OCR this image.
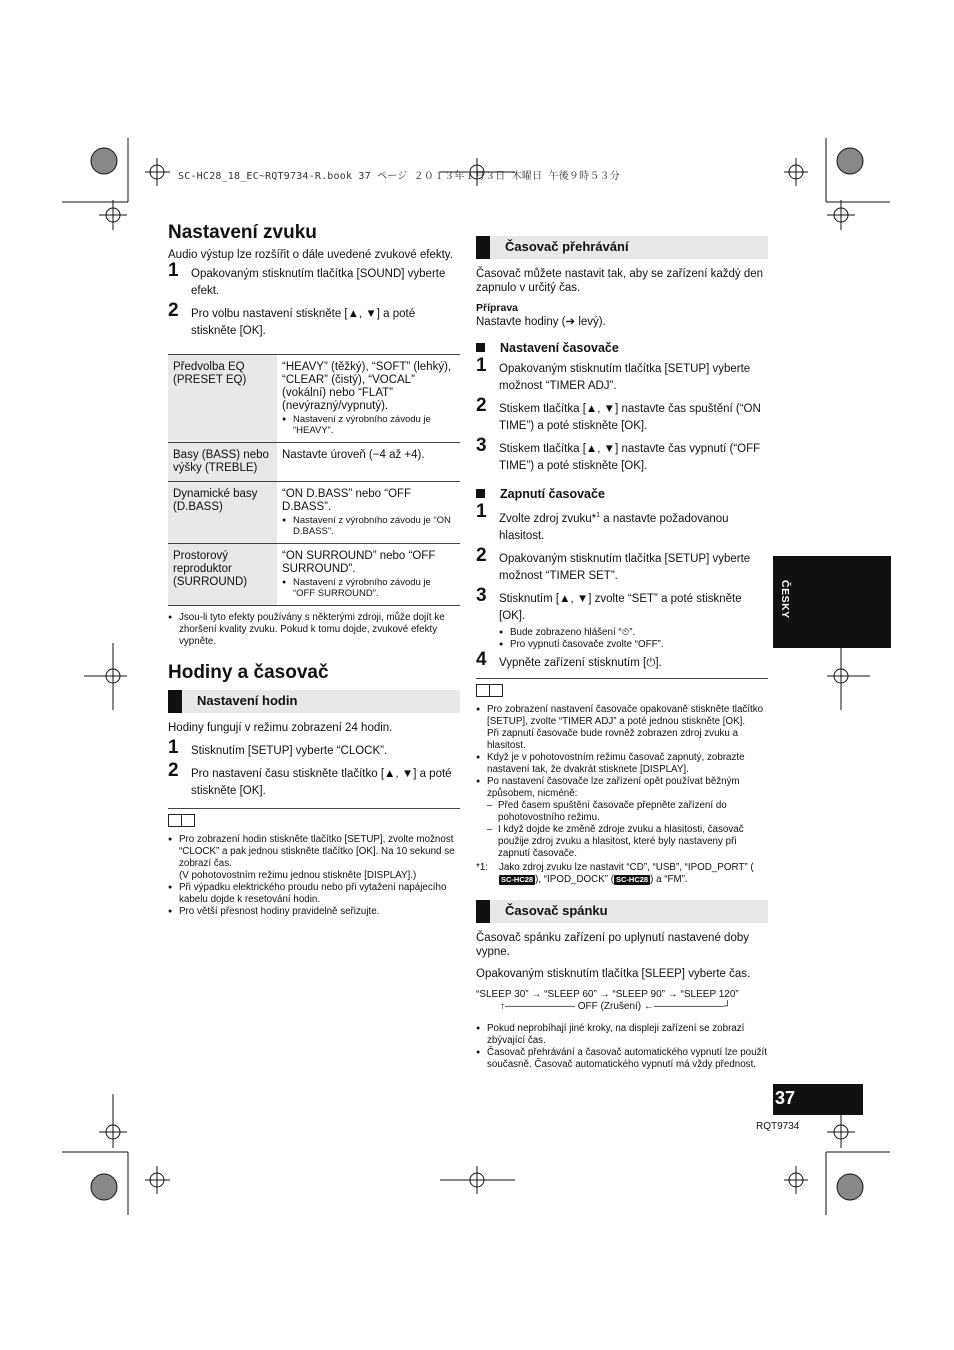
SC-HC28_18_EC~RQT9734-R.book 37 ページ ２０１３年１月３日 木曜日 午後９時５３分
Nastavení zvuku

Audio výstup lze rozšířit o dále uvedené zvukové efekty.

1 Opakovaným stisknutím tlačítka [SOUND] vyberte efekt.
2 Pro volbu nastavení stiskněte [▲, ▼] a poté stiskněte [OK].
Předvolba EQ (PRESET EQ)	“HEAVY” (těžký), “SOFT” (lehký), “CLEAR” (čistý), “VOCAL” (vokální) nebo “FLAT” (nevýrazný/vypnutý).
● Nastavení z výrobního závodu je “HEAVY”.

Basy (BASS) nebo výšky (TREBLE)	Nastavte úroveň (−4 až +4).

Dynamické basy (D.BASS)	“ON D.BASS” nebo “OFF D.BASS”.
● Nastavení z výrobního závodu je “ON D.BASS”.

Prostorový reproduktor (SURROUND)	“ON SURROUND” nebo “OFF SURROUND”.
● Nastavení z výrobního závodu je “OFF SURROUND”.
● Jsou-li tyto efekty používány s některými zdroji, může dojít ke zhoršení kvality zvuku. Pokud k tomu dojde, zvukové efekty vypněte.
Hodiny a časovač
Nastavení hodin

Hodiny fungují v režimu zobrazení 24 hodin.

1 Stisknutím [SETUP] vyberte “CLOCK”.
2 Pro nastavení času stiskněte tlačítko [▲, ▼] a poté stiskněte [OK].
● Pro zobrazení hodin stiskněte tlačítko [SETUP], zvolte možnost “CLOCK” a pak jednou stiskněte tlačítko [OK]. Na 10 sekund se zobrazí čas.
(V pohotovostním režimu jednou stiskněte [DISPLAY].)
● Při výpadku elektrického proudu nebo při vytažení napájecího kabelu dojde k resetování hodin.
● Pro větší přesnost hodiny pravidelně seřizujte.
Časovač přehrávání

Časovač můžete nastavit tak, aby se zařízení každý den zapnulo v určitý čas.

Příprava

Nastavte hodiny (➔ levý).

Nastavení časovače
1 Opakovaným stisknutím tlačítka [SETUP] vyberte možnost “TIMER ADJ”.
2 Stiskem tlačítka [▲, ▼] nastavte čas spuštění (“ON TIME”) a poté stiskněte [OK].
3 Stiskem tlačítka [▲, ▼] nastavte čas vypnutí (“OFF TIME”) a poté stiskněte [OK].
Zapnutí časovače
1 Zvolte zdroj zvuku*$^1$ a nastavte požadovanou hlasitost.
2 Opakovaným stisknutím tlačítka [SETUP] vyberte možnost “TIMER SET”.
3 Stisknutím [▲, ▼] zvolte “SET” a poté stiskněte [OK].
● Bude zobrazeno hlášení “⏲”.
● Pro vypnutí časovače zvolte “OFF”.
4 Vypněte zařízení stisknutím [⏻].
● Pro zobrazení nastavení časovače opakovaně stiskněte tlačítko [SETUP], zvolte “TIMER ADJ” a poté jednou stiskněte [OK].
Při zapnutí časovače bude rovněž zobrazen zdroj zvuku a hlasitost.
● Když je v pohotovostním režimu časovač zapnutý, zobrazte nastavení tak, že dvakrát stisknete [DISPLAY].
● Po nastavení časovače lze zařízení opět používat běžným způsobem, nicméně:
– Před časem spuštění časovače přepněte zařízení do pohotovostního režimu.
– I když dojde ke změně zdroje zvuku a hlasitosti, časovač použije zdroj zvuku a hlasitost, které byly nastaveny při zapnutí časovače.
*1: Jako zdroj zvuku lze nastavit “CD”, “USB”, “IPOD_PORT” (SC-HC28 ), “IPOD_DOCK” ( SC-HC28 ) a “FM”.
Časovač spánku

Časovač spánku zařízení po uplynutí nastavené doby vypne.

Opakovaným stisknutím tlačítka [SLEEP] vyberte čas.

“SLEEP 30” → “SLEEP 60” → “SLEEP 90” → “SLEEP 120”
↑——————— OFF (Zrušení) ←———————┘
● Pokud neprobíhají jiné kroky, na displeji zařízení se zobrazí zbývající čas.
● Časovač přehrávání a časovač automatického vypnutí lze použít současně. Časovač automatického vypnutí má vždy přednost.
ČESKY
37
RQT9734
